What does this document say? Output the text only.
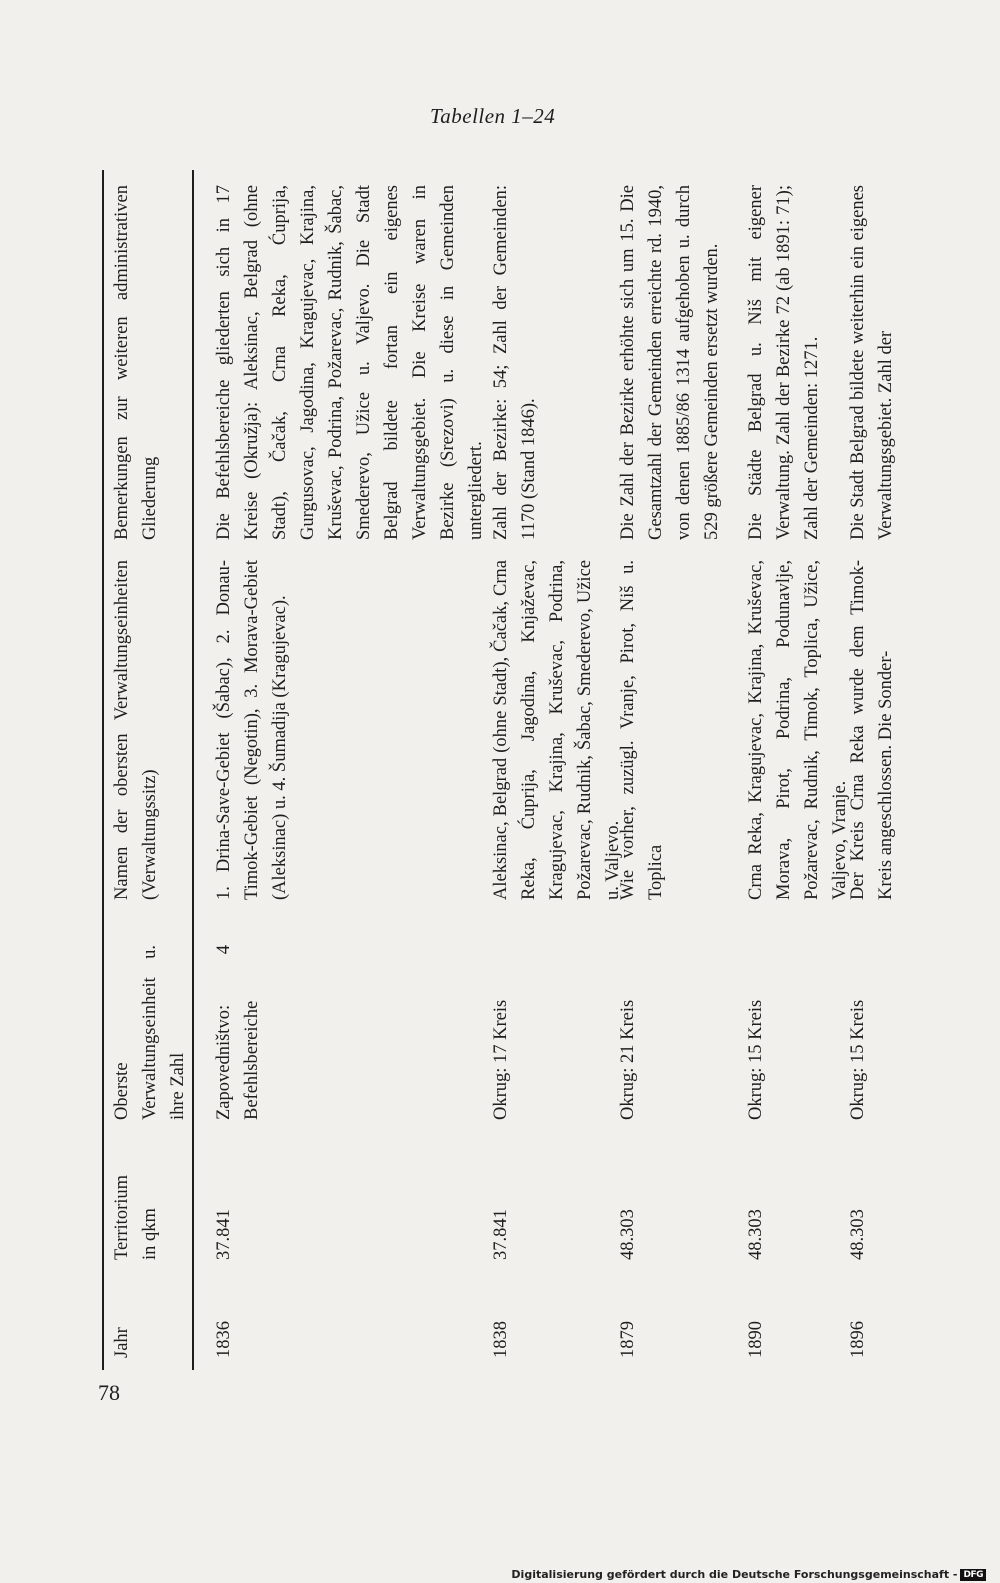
78
Tabellen 1–24
Jahr
Territorium in qkm
Oberste Verwaltungseinheit u. ihre Zahl
Namen der obersten Verwaltungseinheiten (Verwaltungssitz)
Bemerkungen zur weiteren administrativen Gliederung
1836
37.841
Zapovedništvo: 4 Befehlsbereiche
1. Drina-Save-Gebiet (Šabac), 2. Donau-Timok-Gebiet (Negotin), 3. Morava-Gebiet (Aleksinac) u. 4. Šumadija (Kragujevac).
Die Befehlsbereiche gliederten sich in 17 Kreise (Okružja): Aleksinac, Belgrad (ohne Stadt), Čačak, Crna Reka, Ćuprija, Gurgusovac, Jagodina, Kragujevac, Krajina, Kruševac, Podrina, Požarevac, Rudnik, Šabac, Smederevo, Užice u. Valjevo. Die Stadt Belgrad bildete fortan ein eigenes Verwaltungsgebiet. Die Kreise waren in Bezirke (Srezovi) u. diese in Gemeinden untergliedert.
1838
37.841
Okrug: 17 Kreis
Aleksinac, Belgrad (ohne Stadt), Čačak, Crna Reka, Ćuprija, Jagodina, Knjaževac, Kragujevac, Krajina, Kruševac, Podrina, Požarevac, Rudnik, Šabac, Smederevo, Užice u. Valjevo.
Zahl der Bezirke: 54; Zahl der Gemeinden: 1170 (Stand 1846).
1879
48.303
Okrug: 21 Kreis
Wie vorher, zuzügl. Vranje, Pirot, Niš u. Toplica
Die Zahl der Bezirke erhöhte sich um 15. Die Gesamtzahl der Gemeinden erreichte rd. 1940, von denen 1885/86 1314 aufgehoben u. durch 529 größere Gemeinden ersetzt wurden.
1890
48.303
Okrug: 15 Kreis
Crna Reka, Kragujevac, Krajina, Kruševac, Morava, Pirot, Podrina, Podunavlje, Požarevac, Rudnik, Timok, Toplica, Užice, Valjevo, Vranje.
Die Städte Belgrad u. Niš mit eigener Verwaltung. Zahl der Bezirke 72 (ab 1891: 71); Zahl der Gemeinden: 1271.
1896
48.303
Okrug: 15 Kreis
Der Kreis Crna Reka wurde dem Timok-Kreis angeschlossen. Die Sonder-
Die Stadt Belgrad bildete weiterhin ein eigenes Verwaltungsgebiet. Zahl der
Digitalisierung gefördert durch die Deutsche Forschungsgemeinschaft - DFG
